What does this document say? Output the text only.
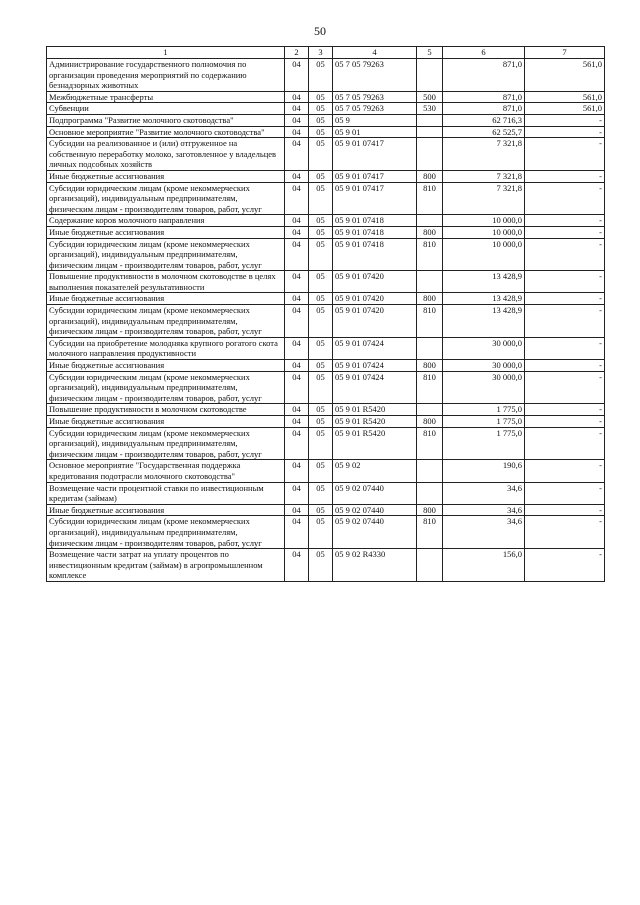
50
1	2	3	4	5	6	7
Администрирование государственного полномочия по организации проведения мероприятий по содержанию безнадзорных животных	04	05	05 7 05 79263		871,0	561,0
Межбюджетные трансферты	04	05	05 7 05 79263	500	871,0	561,0
Субвенции	04	05	05 7 05 79263	530	871,0	561,0
Подпрограмма "Развитие молочного скотоводства"	04	05	05 9		62 716,3	-
Основное мероприятие "Развитие молочного скотоводства"	04	05	05 9 01		62 525,7	-
Субсидии на реализованное и (или) отгруженное на собственную переработку молоко, заготовленное у владельцев личных подсобных хозяйств	04	05	05 9 01 07417		7 321,8	-
Иные бюджетные ассигнования	04	05	05 9 01 07417	800	7 321,8	-
Субсидии юридическим лицам (кроме некоммерческих организаций), индивидуальным предпринимателям, физическим лицам - производителям товаров, работ, услуг	04	05	05 9 01 07417	810	7 321,8	-
Содержание коров молочного направления	04	05	05 9 01 07418		10 000,0	-
Иные бюджетные ассигнования	04	05	05 9 01 07418	800	10 000,0	-
Субсидии юридическим лицам (кроме некоммерческих организаций), индивидуальным предпринимателям, физическим лицам - производителям товаров, работ, услуг	04	05	05 9 01 07418	810	10 000,0	-
Повышение продуктивности в молочном скотоводстве в целях выполнения показателей результативности	04	05	05 9 01 07420		13 428,9	-
Иные бюджетные ассигнования	04	05	05 9 01 07420	800	13 428,9	-
Субсидии юридическим лицам (кроме некоммерческих организаций), индивидуальным предпринимателям, физическим лицам - производителям товаров, работ, услуг	04	05	05 9 01 07420	810	13 428,9	-
Субсидии на приобретение молодняка крупного рогатого скота молочного направления продуктивности	04	05	05 9 01 07424		30 000,0	-
Иные бюджетные ассигнования	04	05	05 9 01 07424	800	30 000,0	-
Субсидии юридическим лицам (кроме некоммерческих организаций), индивидуальным предпринимателям, физическим лицам - производителям товаров, работ, услуг	04	05	05 9 01 07424	810	30 000,0	-
Повышение продуктивности в молочном скотоводстве	04	05	05 9 01 R5420		1 775,0	-
Иные бюджетные ассигнования	04	05	05 9 01 R5420	800	1 775,0	-
Субсидии юридическим лицам (кроме некоммерческих организаций), индивидуальным предпринимателям, физическим лицам - производителям товаров, работ, услуг	04	05	05 9 01 R5420	810	1 775,0	-
Основное мероприятие "Государственная поддержка кредитования подотрасли молочного скотоводства"	04	05	05 9 02		190,6	-
Возмещение части процентной ставки по инвестиционным кредитам (займам)	04	05	05 9 02 07440		34,6	-
Иные бюджетные ассигнования	04	05	05 9 02 07440	800	34,6	-
Субсидии юридическим лицам (кроме некоммерческих организаций), индивидуальным предпринимателям, физическим лицам - производителям товаров, работ, услуг	04	05	05 9 02 07440	810	34,6	-
Возмещение части затрат на уплату процентов по инвестиционным кредитам (займам) в агропромышленном комплексе	04	05	05 9 02 R4330		156,0	-
